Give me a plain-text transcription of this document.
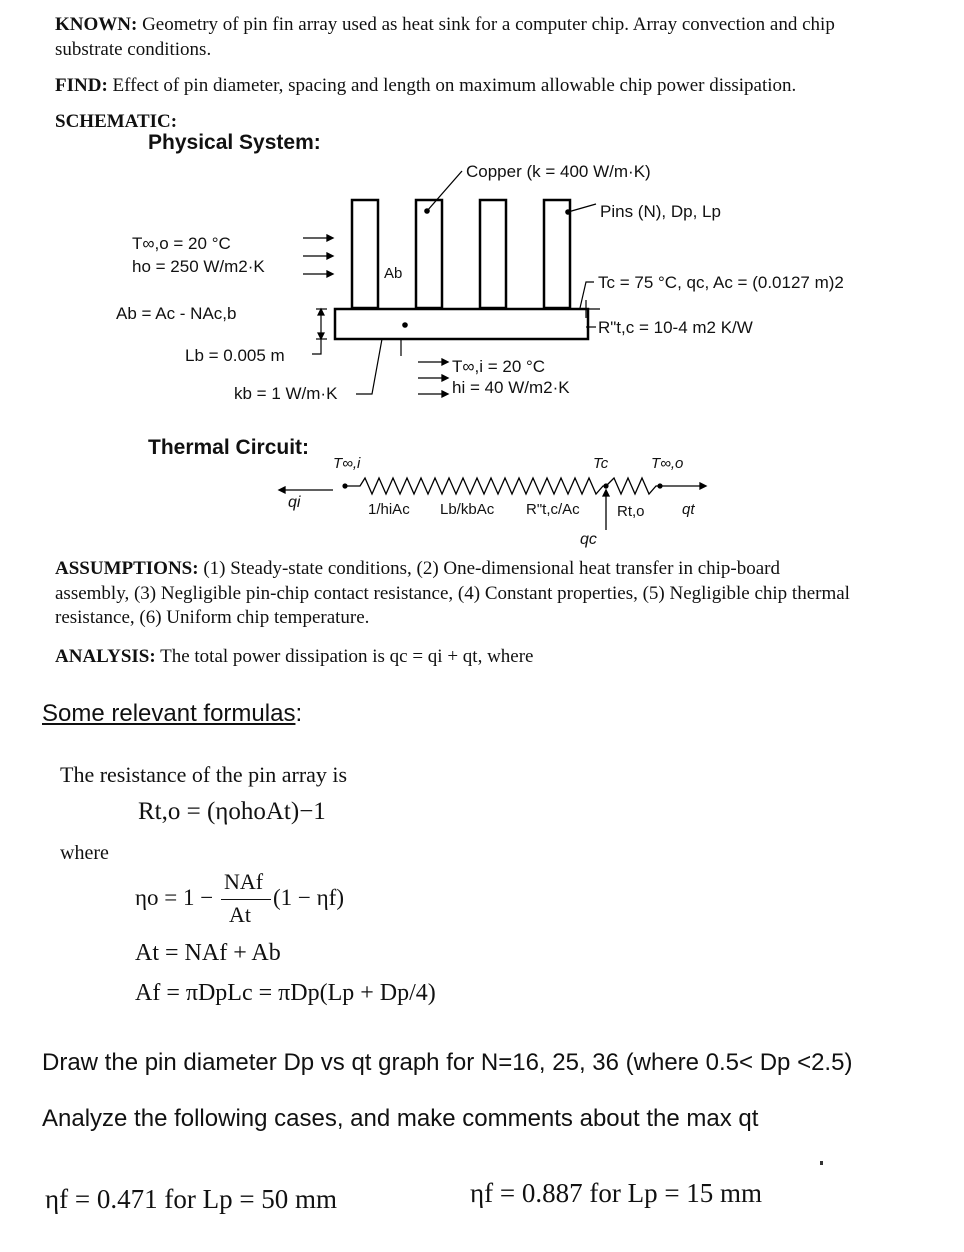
KNOWN: Geometry of pin fin array used as heat sink for a computer chip. Array convection and chip
substrate conditions.
FIND: Effect of pin diameter, spacing and length on maximum allowable chip power dissipation.
SCHEMATIC:
Physical System:
Copper (k = 400 W/m·K)
Pins (N), Dp, Lp
T∞,o = 20 °C
ho = 250 W/m2·K	Ab
Ab = Ac - NAc,b
Tc = 75 °C, qc, Ac = (0.0127 m)2
R"t,c = 10-4 m2 K/W
Lb = 0.005 m
kb = 1 W/m·K
T∞,i = 20 °C
hi = 40 W/m2·K
Thermal Circuit:
T∞,i	Tc	T∞,o
qi	1/hiAc Lb/kbAc R"t,c/Ac Rt,o qt
qc
ASSUMPTIONS: (1) Steady-state conditions, (2) One-dimensional heat transfer in chip-board
assembly, (3) Negligible pin-chip contact resistance, (4) Constant properties, (5) Negligible chip thermal
resistance, (6) Uniform chip temperature.
ANALYSIS: The total power dissipation is qc = qi + qt, where
Some relevant formulas:
The resistance of the pin array is
Rt,o = (ηohoAt)−1
where
ηo = 1 −
NAf
At
(1 − ηf)
At = NAf + Ab
Af = πDpLc = πDp(Lp + Dp/4)
Draw the pin diameter Dp vs qt graph for N=16, 25, 36 (where 0.5< Dp <2.5)
Analyze the following cases, and make comments about the max qt
ηf = 0.471 for Lp = 50 mm	ηf = 0.887 for Lp = 15 mm
